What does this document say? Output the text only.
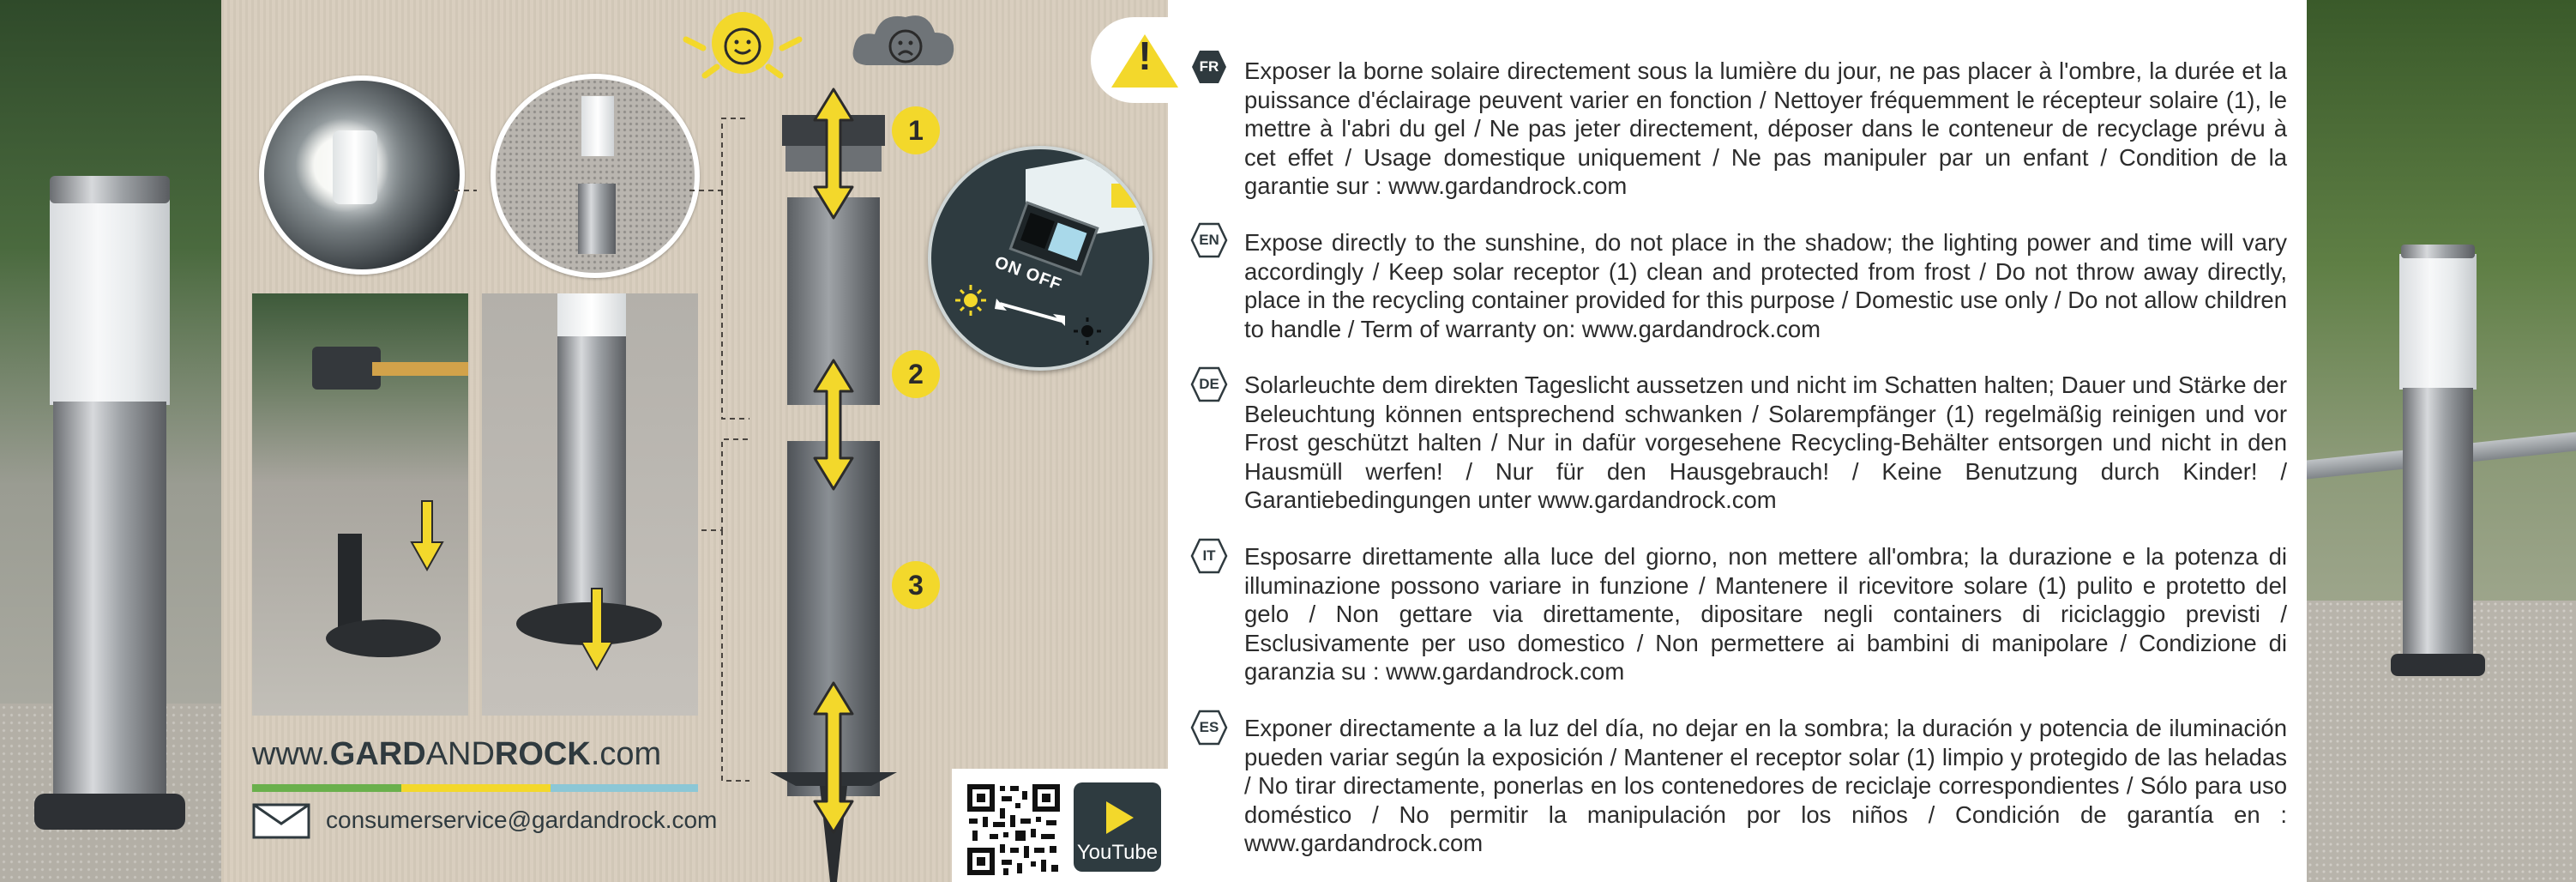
www.GARDANDROCK.com
consumerservice@gardandrock.com
1
2
3
ON OFF
!
YouTube
FR	Exposer la borne solaire directement sous la lumière du jour, ne pas placer à l'ombre, la durée et la puissance d'éclairage peuvent varier en fonction / Nettoyer fréquemment le récepteur solaire (1), le mettre à l'abri du gel / Ne pas jeter directement, déposer dans le conteneur de recyclage prévu à cet effet / Usage domestique uniquement / Ne pas manipuler par un enfant / Condition de la garantie sur : www.gardandrock.com
EN	Expose directly to the sunshine, do not place in the shadow; the lighting power and time will vary accordingly / Keep solar receptor (1) clean and protected from frost / Do not throw away directly, place in the recycling container provided for this purpose / Domestic use only / Do not allow children to handle / Term of warranty on: www.gardandrock.com
DE	Solarleuchte dem direkten Tageslicht aussetzen und nicht im Schatten halten; Dauer und Stärke der Beleuchtung können entsprechend schwanken / Solarempfänger (1) regelmäßig reinigen und vor Frost geschützt halten / Nur in dafür vorgesehene Recycling-Behälter entsorgen und nicht in den Hausmüll werfen! / Nur für den Hausgebrauch! / Keine Benutzung durch Kinder! / Garantiebedingungen unter www.gardandrock.com
IT	Esposarre direttamente alla luce del giorno, non mettere all'ombra; la durazione e la potenza di illuminazione possono variare in funzione / Mantenere il ricevitore solare (1) pulito e protetto del gelo / Non gettare via direttamente, dipositare negli containers di riciclaggio previsti / Esclusivamente per uso domestico / Non permettere ai bambini di manipolare / Condizione di garanzia su : www.gardandrock.com
ES	Exponer directamente a la luz del día, no dejar en la sombra; la duración y potencia de iluminación pueden variar según la exposición / Mantener el receptor solar (1) limpio y protegido de las heladas / No tirar directamente, ponerlas en los contenedores de reciclaje correspondientes / Sólo para uso doméstico / No permitir la manipulación por los niños / Condición de garantía en : www.gardandrock.com
